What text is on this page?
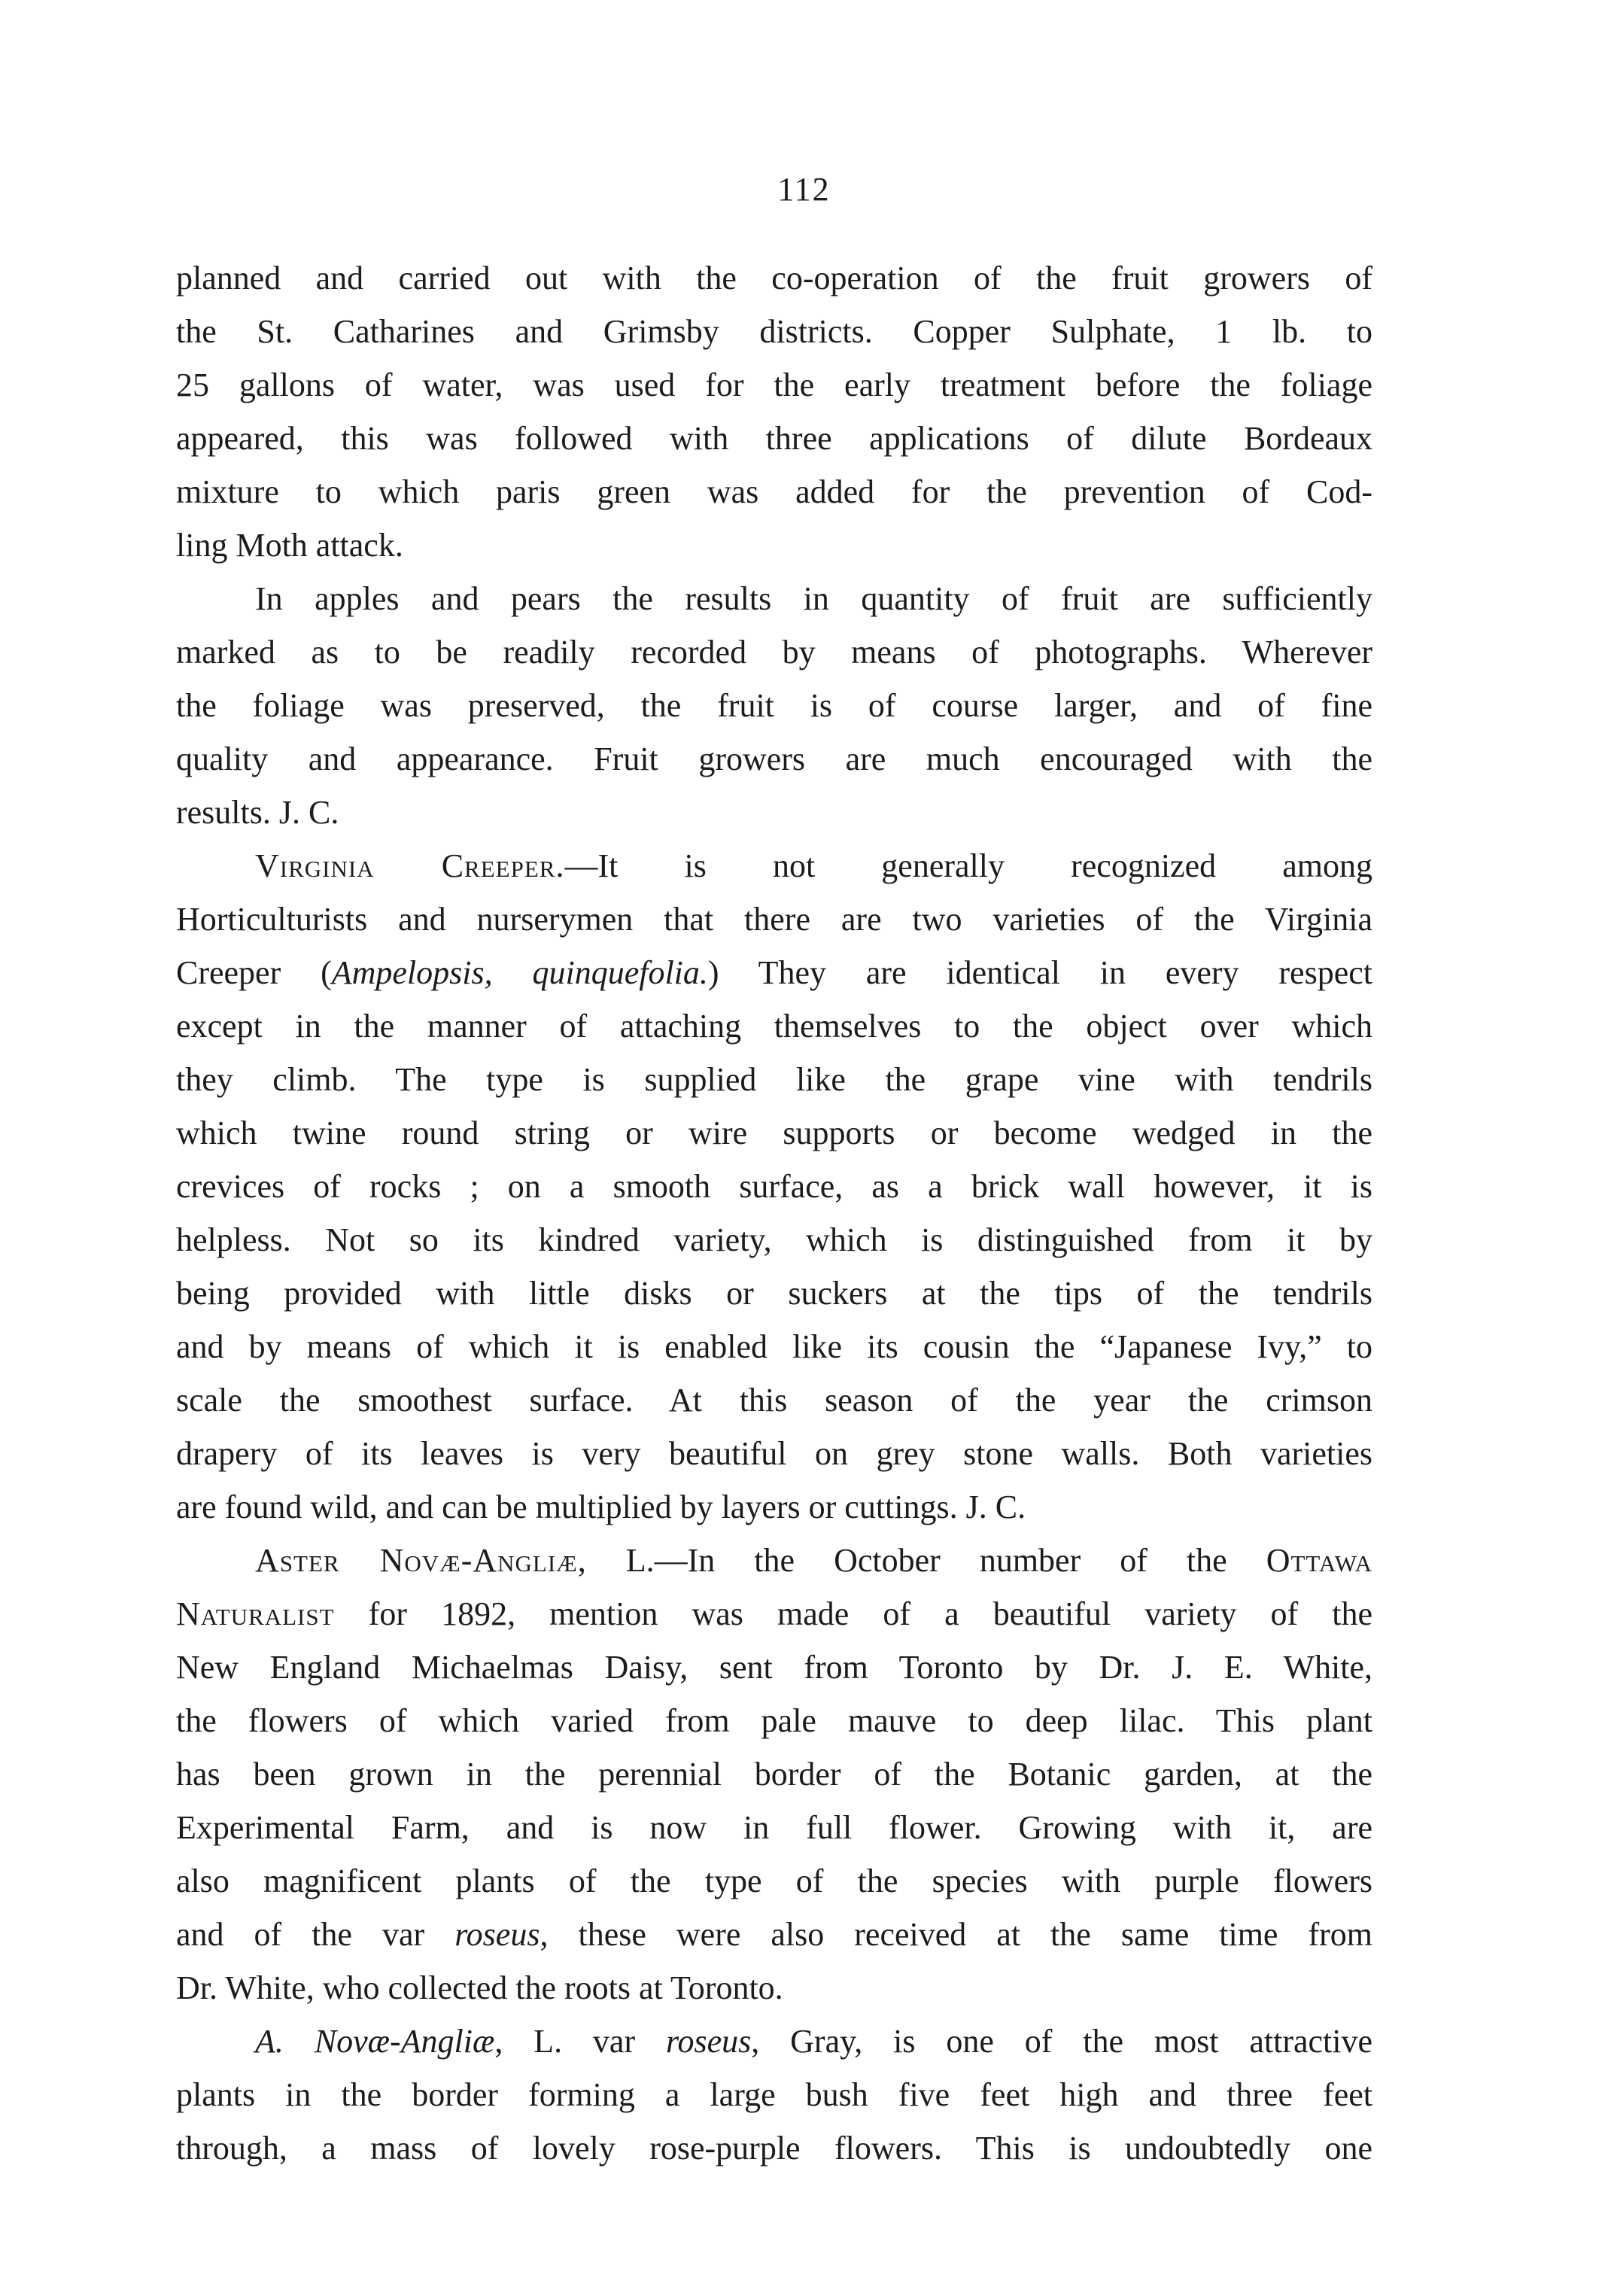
112
planned and carried out with the co-operation of the fruit growers of
the St. Catharines and Grimsby districts. Copper Sulphate, 1 lb. to
25 gallons of water, was used for the early treatment before the foliage
appeared, this was followed with three applications of dilute Bordeaux
mixture to which paris green was added for the prevention of Cod-
ling Moth attack.
In apples and pears the results in quantity of fruit are sufficiently
marked as to be readily recorded by means of photographs. Wherever
the foliage was preserved, the fruit is of course larger, and of fine
quality and appearance. Fruit growers are much encouraged with the
results. J. C.
Virginia Creeper.—It is not generally recognized among
Horticulturists and nurserymen that there are two varieties of the Virginia
Creeper (Ampelopsis, quinquefolia.) They are identical in every respect
except in the manner of attaching themselves to the object over which
they climb. The type is supplied like the grape vine with tendrils
which twine round string or wire supports or become wedged in the
crevices of rocks ; on a smooth surface, as a brick wall however, it is
helpless. Not so its kindred variety, which is distinguished from it by
being provided with little disks or suckers at the tips of the tendrils
and by means of which it is enabled like its cousin the “Japanese Ivy,” to
scale the smoothest surface. At this season of the year the crimson
drapery of its leaves is very beautiful on grey stone walls. Both varieties
are found wild, and can be multiplied by layers or cuttings. J. C.
Aster Novæ-Angliæ, L.—In the October number of the Ottawa
Naturalist for 1892, mention was made of a beautiful variety of the
New England Michaelmas Daisy, sent from Toronto by Dr. J. E. White,
the flowers of which varied from pale mauve to deep lilac. This plant
has been grown in the perennial border of the Botanic garden, at the
Experimental Farm, and is now in full flower. Growing with it, are
also magnificent plants of the type of the species with purple flowers
and of the var roseus, these were also received at the same time from
Dr. White, who collected the roots at Toronto.
A. Novæ-Angliæ, L. var roseus, Gray, is one of the most attractive
plants in the border forming a large bush five feet high and three feet
through, a mass of lovely rose-purple flowers. This is undoubtedly one
